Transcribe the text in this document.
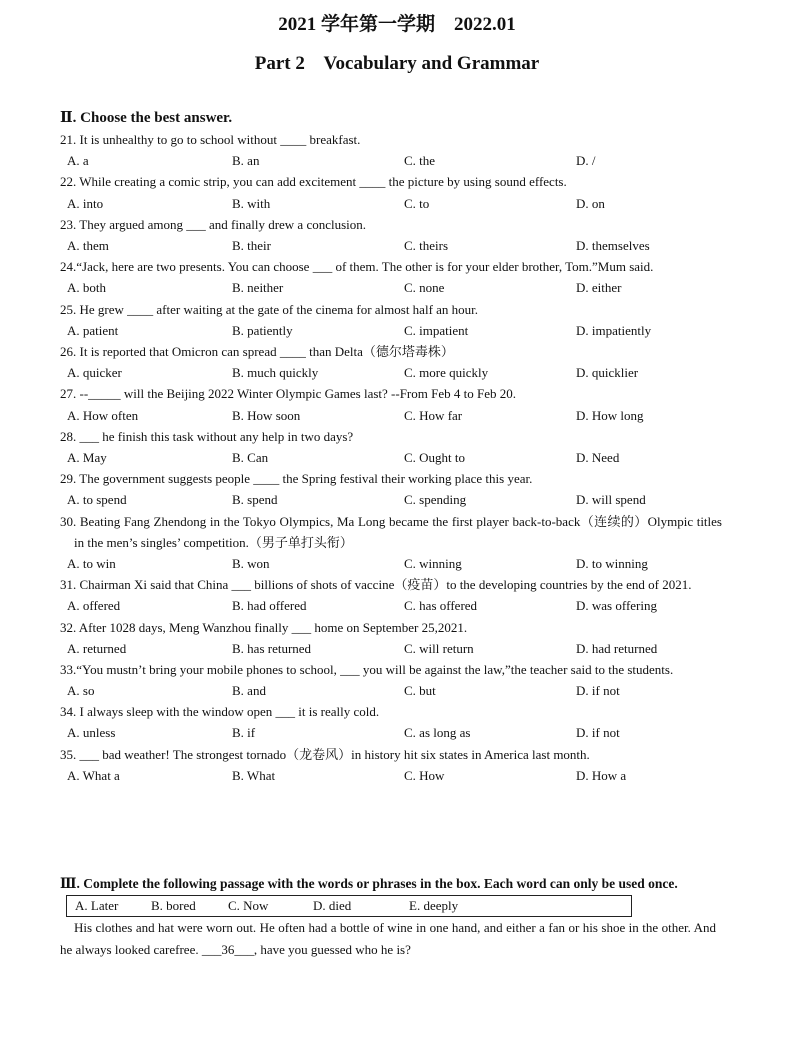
2021 学年第一学期    2022.01
Part 2    Vocabulary and Grammar
Ⅱ. Choose the best answer.
21. It is unhealthy to go to school without ____ breakfast.
A. a	B. an	C. the	D. /
22. While creating a comic strip, you can add excitement ____ the picture by using sound effects.
A. into	B. with	C. to	D. on
23. They argued among ___ and finally drew a conclusion.
A. them	B. their	C. theirs	D. themselves
24.“Jack, here are two presents. You can choose ___ of them. The other is for your elder brother, Tom.”Mum said.
A. both	B. neither	C. none	D. either
25. He grew ____ after waiting at the gate of the cinema for almost half an hour.
A. patient	B. patiently	C. impatient	D. impatiently
26. It is reported that Omicron can spread ____ than Delta（德尔塔毒株）
A. quicker	B. much quickly	C. more quickly	D. quicklier
27. --_____ will the Beijing 2022 Winter Olympic Games last? --From Feb 4 to Feb 20.
A. How often	B. How soon	C. How far	D. How long
28. ___ he finish this task without any help in two days?
A. May	B. Can	C. Ought to	D. Need
29. The government suggests people ____ the Spring festival their working place this year.
A. to spend	B. spend	C. spending	D. will spend
30. Beating Fang Zhendong in the Tokyo Olympics, Ma Long became the first player back-to-back（连续的）Olympic titles in the men’s singles’ competition.（男子单打头衔）
A. to win	B. won	C. winning	D. to winning
31. Chairman Xi said that China ___ billions of shots of vaccine（疫苗）to the developing countries by the end of 2021.
A. offered	B. had offered	C. has offered	D. was offering
32. After 1028 days, Meng Wanzhou finally ___ home on September 25,2021.
A. returned	B. has returned	C. will return	D. had returned
33.“You mustn’t bring your mobile phones to school, ___ you will be against the law,”the teacher said to the students.
A. so	B. and	C. but	D. if not
34. I always sleep with the window open ___ it is really cold.
A. unless	B. if	C. as long as	D. if not
35. ___ bad weather! The strongest tornado（龙卷风）in history hit six states in America last month.
A. What a	B. What	C. How	D. How a
Ⅲ. Complete the following passage with the words or phrases in the box. Each word can only be used once.
A. Later	B. bored	C. Now	D. died	E. deeply
His clothes and hat were worn out. He often had a bottle of wine in one hand, and either a fan or his shoe in the other. And he always looked carefree. ___36___, have you guessed who he is?
